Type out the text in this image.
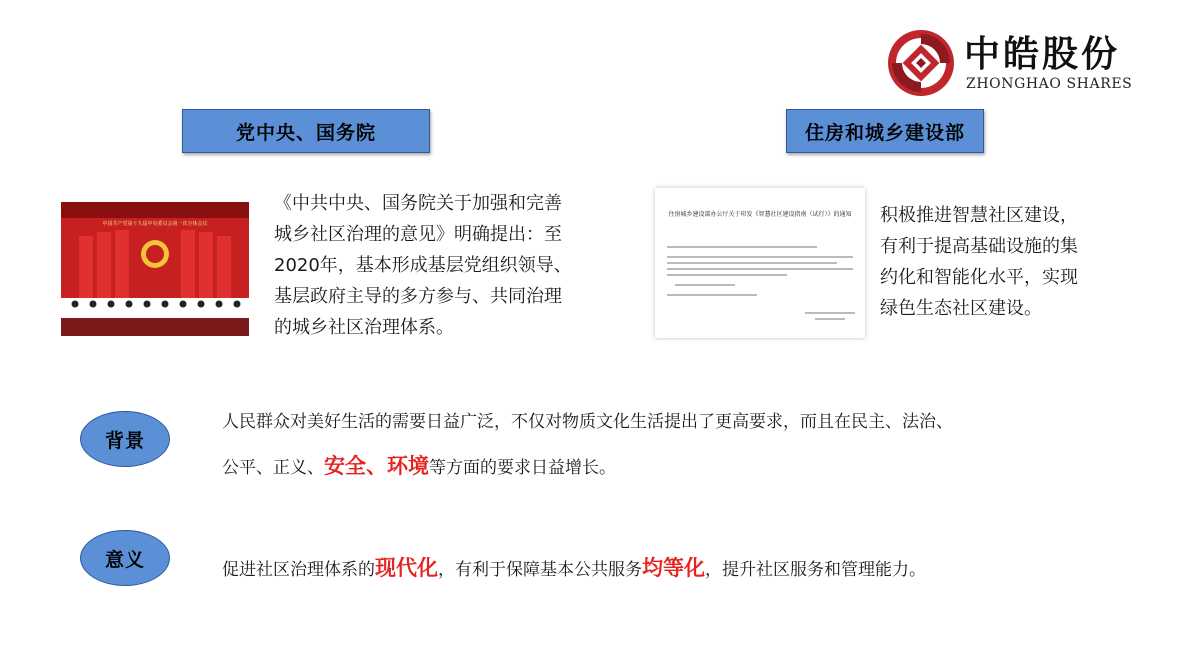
中皓股份
ZHONGHAO SHARES
党中央、国务院	住房和城乡建设部
中国共产党第十九届中央委员会第一次全体会议
《中共中央、国务院关于加强和完善城乡社区治理的意见》明确提出：至2020年，基本形成基层党组织领导、基层政府主导的多方参与、共同治理的城乡社区治理体系。
住房城乡建设部办公厅关于印发《智慧社区建设指南（试行）》的通知 积极推进智慧社区建设，有利于提高基础设施的集约化和智能化水平，实现绿色生态社区建设。
背景
人民群众对美好生活的需要日益广泛，不仅对物质文化生活提出了更高要求，而且在民主、法治、
公平、正义、安全、环境等方面的要求日益增长。
意义	促进社区治理体系的现代化，有利于保障基本公共服务均等化，提升社区服务和管理能力。
